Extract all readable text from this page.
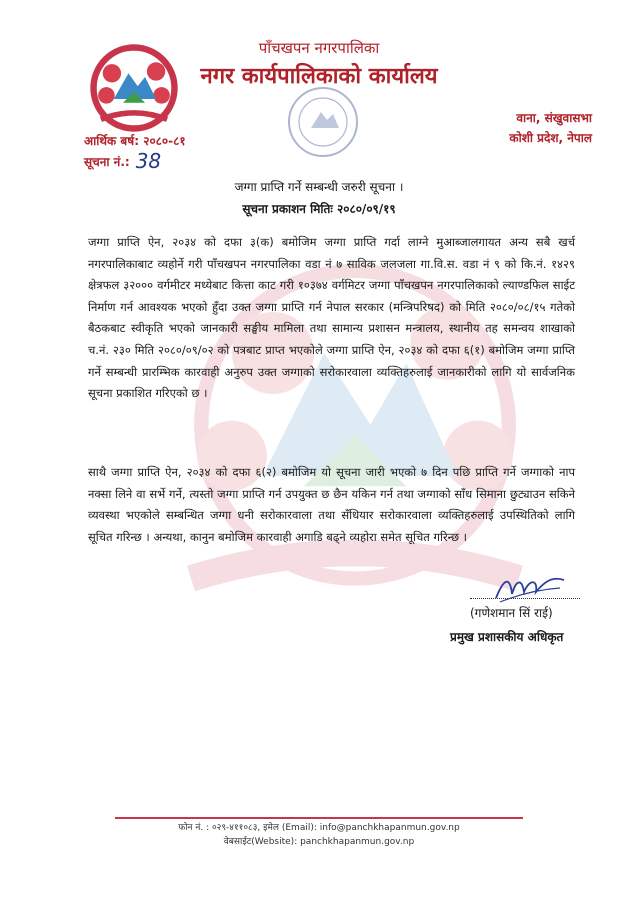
पाँचखपन नगरपालिका
नगर कार्यपालिकाको कार्यालय
वाना, संखुवासभा
कोशी प्रदेश, नेपाल
आर्थिक बर्ष: २०८०-८१
सूचना नं.: 38
जग्गा प्राप्ति गर्ने सम्बन्धी जरुरी सूचना ।
सूचना प्रकाशन मितिः २०८०/०९/१९
जग्गा प्राप्ति ऐन, २०३४ को दफा ३(क) बमोजिम जग्गा प्राप्ति गर्दा लाग्ने मुआब्जालगायत अन्य सबै खर्च नगरपालिकाबाट व्यहोर्ने गरी पाँचखपन नगरपालिका वडा नं ७ साविक जलजला गा.वि.स. वडा नं ९ को कि.नं. १४२९ क्षेत्रफल ३२००० वर्गमीटर मध्येबाट कित्ता काट गरी १०३७४ वर्गमिटर जग्गा पाँचखपन नगरपालिकाको ल्याण्डफिल साईट निर्माण गर्न आवश्यक भएको हुँदा उक्त जग्गा प्राप्ति गर्न नेपाल सरकार (मन्त्रिपरिषद) को मिति २०८०/०८/१५ गतेको बैठकबाट स्वीकृति भएको जानकारी सङ्घीय मामिला तथा सामान्य प्रशासन मन्त्रालय, स्थानीय तह समन्वय शाखाको च.नं. २३० मिति २०८०/०९/०२ को पत्रबाट प्राप्त भएकोले जग्गा प्राप्ति ऐन, २०३४ को दफा ६(१) बमोजिम जग्गा प्राप्ति गर्ने सम्बन्धी प्रारम्भिक कारवाही अनुरुप उक्त जग्गाको सरोकारवाला व्यक्तिहरुलाई जानकारीको लागि यो सार्वजनिक सूचना प्रकाशित गरिएको छ ।
साथै जग्गा प्राप्ति ऐन, २०३४ को दफा ६(२) बमोजिम यो सूचना जारी भएको ७ दिन पछि प्राप्ति गर्ने जग्गाको नाप नक्सा लिने वा सर्भे गर्ने, त्यस्तो जग्गा प्राप्ति गर्न उपयुक्त छ छैन यकिन गर्न तथा जग्गाको साँध सिमाना छुट्याउन सकिने व्यवस्था भएकोले सम्बन्धित जग्गा धनी सरोकारवाला तथा सँधियार सरोकारवाला व्यक्तिहरुलाई उपस्थितिको लागि सूचित गरिन्छ । अन्यथा, कानुन बमोजिम कारवाही अगाडि बढ्ने व्यहोरा समेत सूचित गरिन्छ ।
(गणेशमान सिं राई)
प्रमुख प्रशासकीय अधिकृत
फोन नं. : ०२९-४११०८३, इमेल (Email): info@panchkhapanmun.gov.np
वेबसाईट(Website): panchkhapanmun.gov.np
